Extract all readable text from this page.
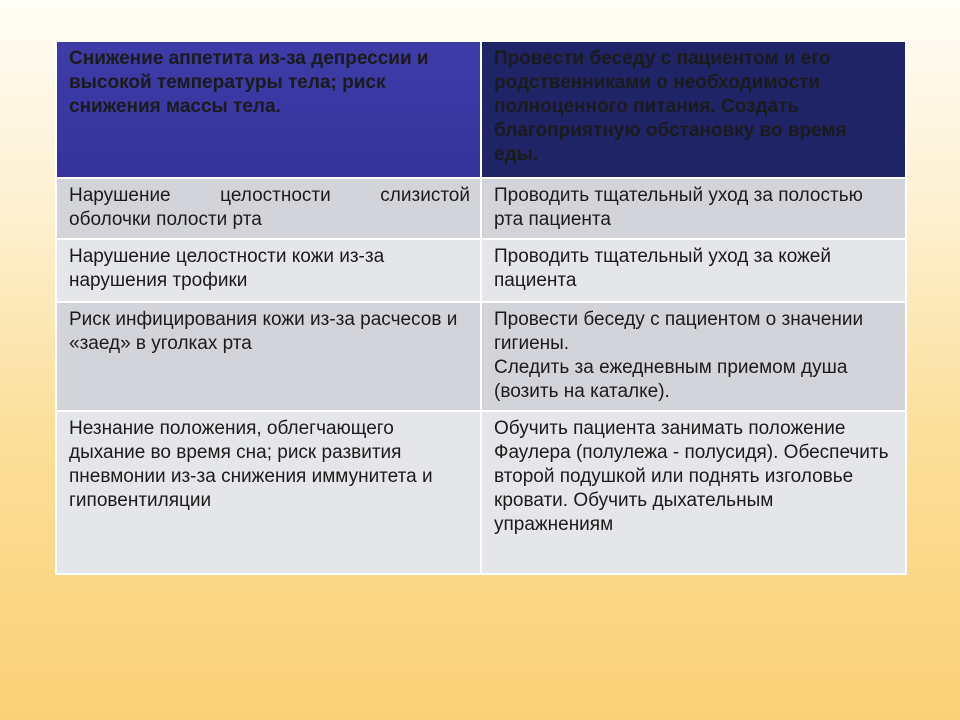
Снижение аппетита из-за депрессии и высокой температуры тела; риск снижения массы тела.	Провести беседу с пациентом и его родственниками о необходимости полноценного питания. Создать благоприятную обстановку во время еды.

Нарушение целостности слизистой
оболочки полости рта	Проводить тщательный уход за полостью рта пациента
Нарушение целостности кожи из-за нарушения трофики	Проводить тщательный уход за кожей пациента
Риск инфицирования кожи из-за расчесов и «заед» в уголках рта	Провести беседу с пациентом о значении гигиены.
Следить за ежедневным приемом душа (возить на каталке).

Незнание положения, облегчающего дыхание во время сна; риск развития пневмонии из-за снижения иммунитета и гиповентиляции	Обучить пациента занимать положение Фаулера (полулежа - полусидя). Обеспечить второй подушкой или поднять изголовье кровати. Обучить дыхательным упражнениям
